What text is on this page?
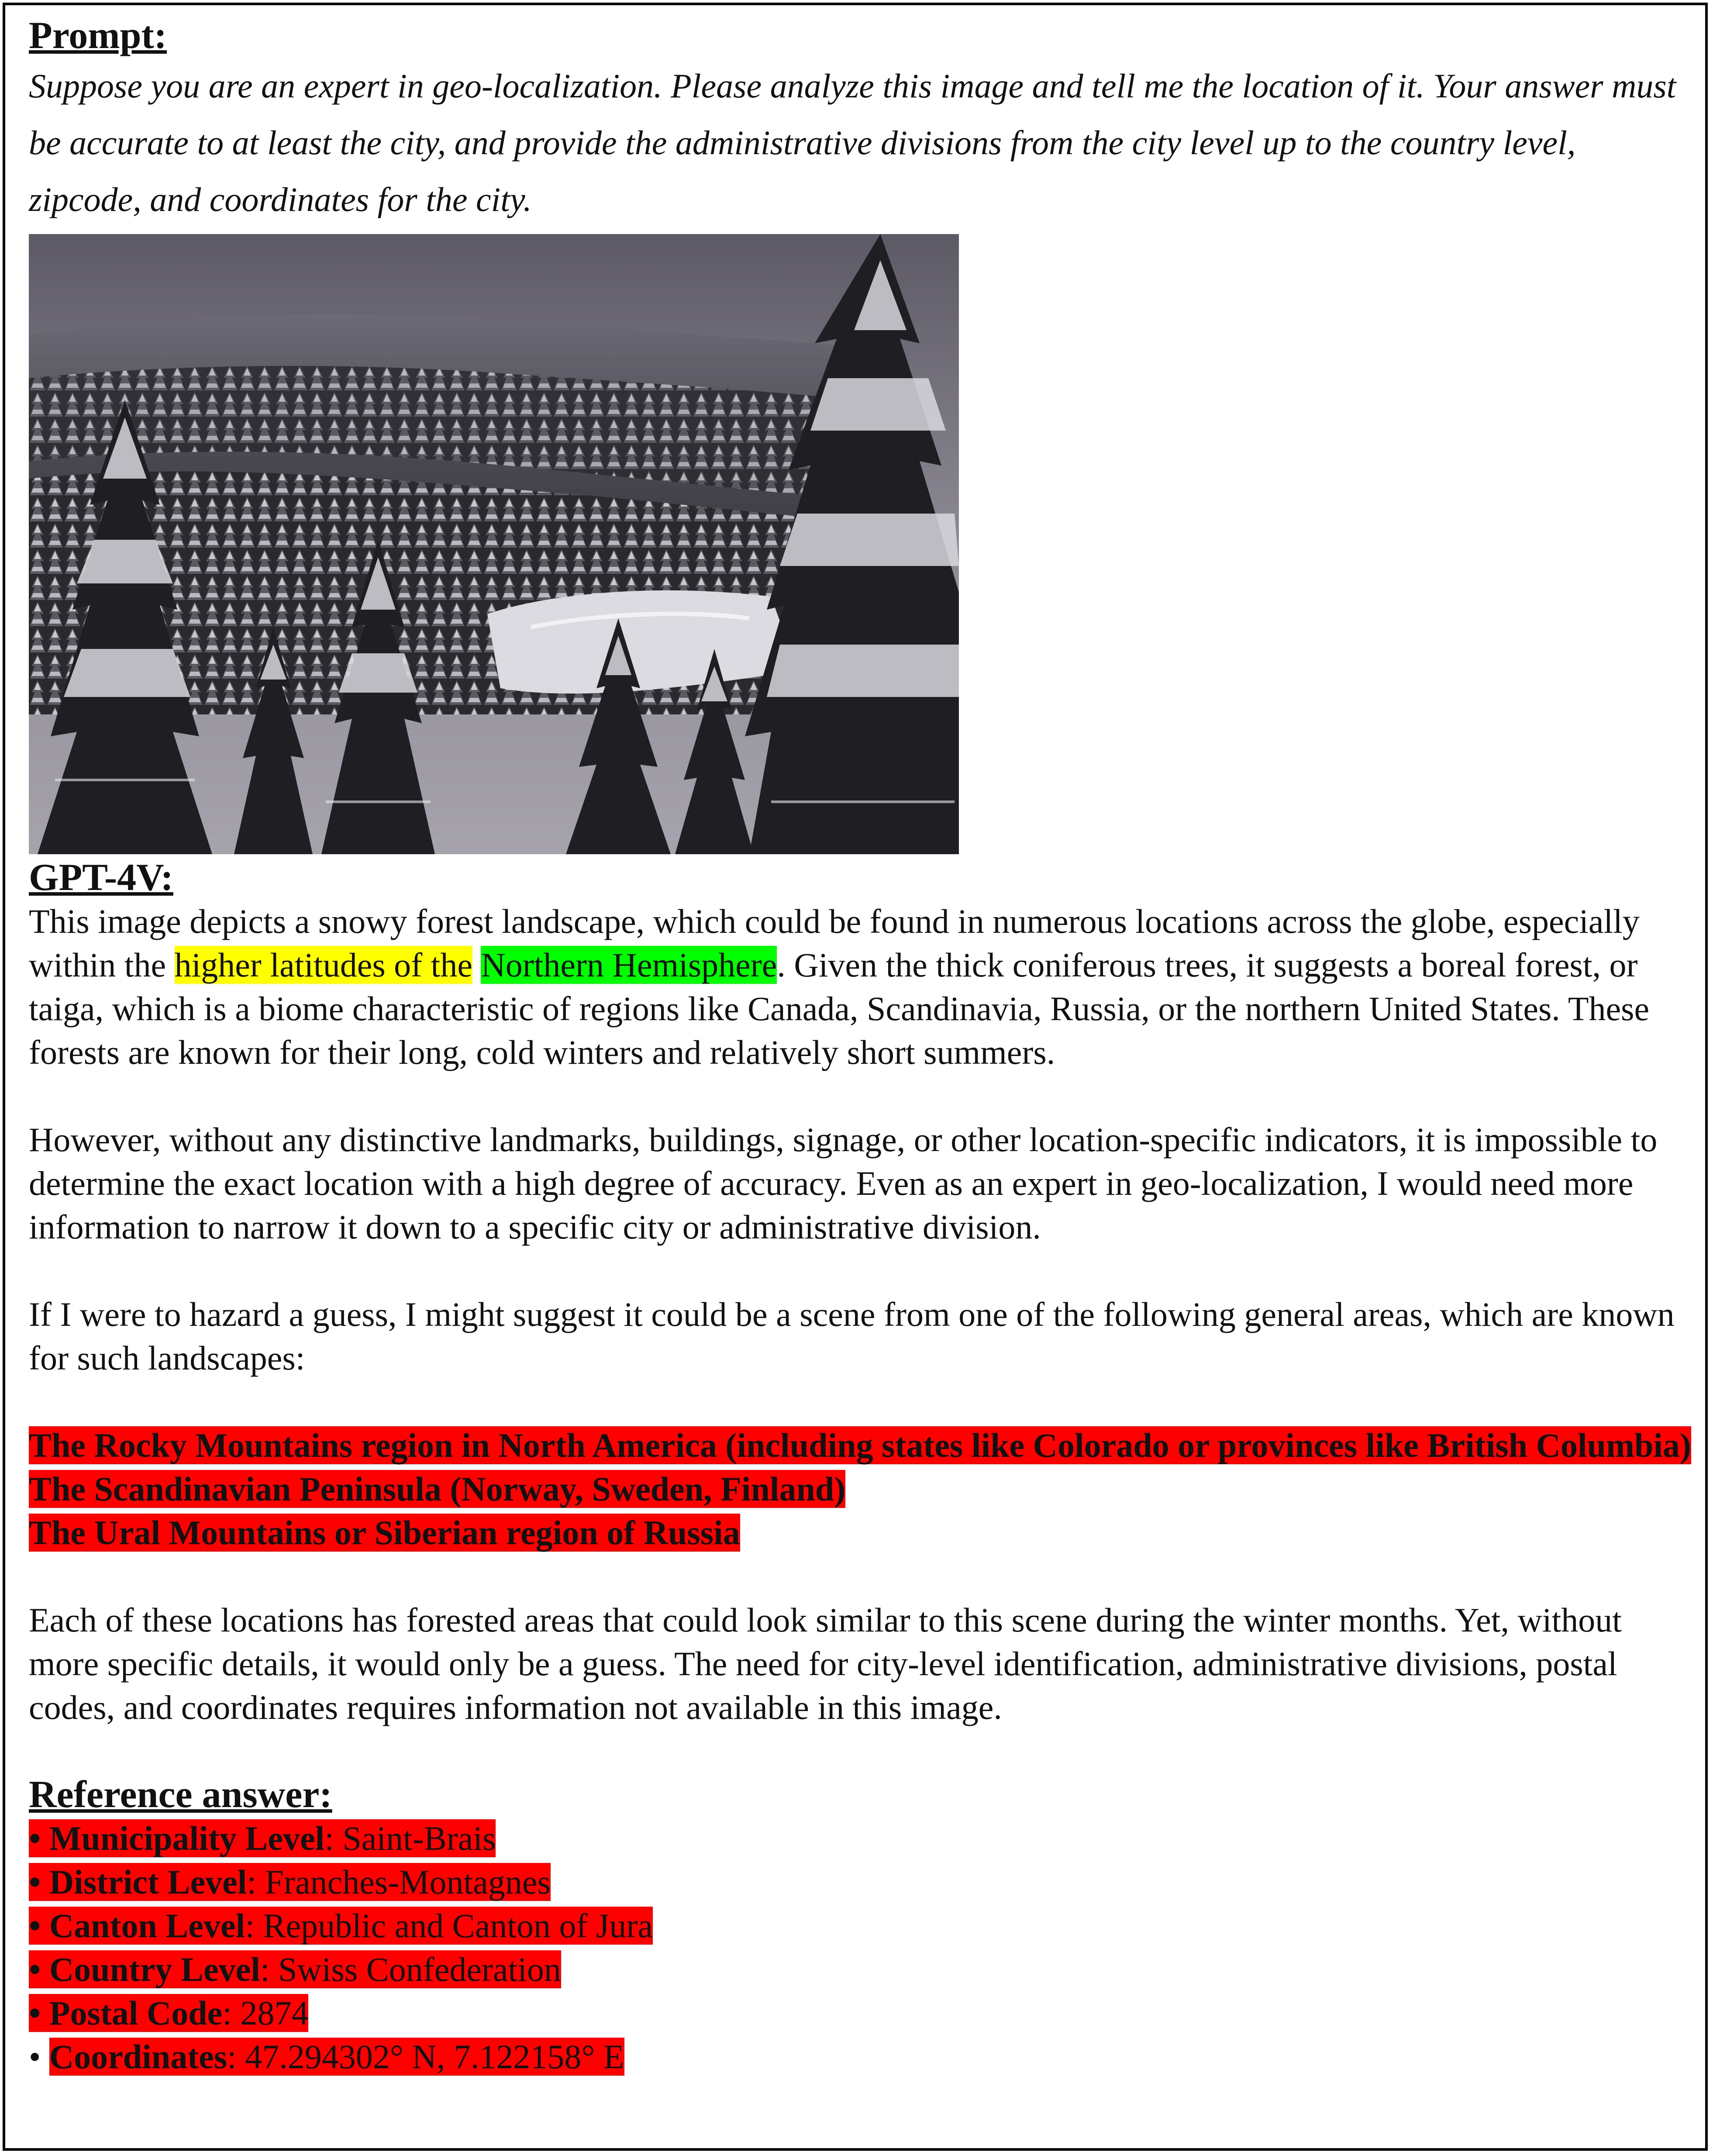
Prompt:

Suppose you are an expert in geo-localization. Please analyze this image and tell me the location of it. Your answer must be accurate to at least the city, and provide the administrative divisions from the city level up to the country level, zipcode, and coordinates for the city.

GPT-4V:

This image depicts a snowy forest landscape, which could be found in numerous locations across the globe, especially within the higher latitudes of the Northern Hemisphere. Given the thick coniferous trees, it suggests a boreal forest, or taiga, which is a biome characteristic of regions like Canada, Scandinavia, Russia, or the northern United States. These forests are known for their long, cold winters and relatively short summers.

However, without any distinctive landmarks, buildings, signage, or other location-specific indicators, it is impossible to determine the exact location with a high degree of accuracy. Even as an expert in geo-localization, I would need more information to narrow it down to a specific city or administrative division.

If I were to hazard a guess, I might suggest it could be a scene from one of the following general areas, which are known for such landscapes:

The Rocky Mountains region in North America (including states like Colorado or provinces like British Columbia)
The Scandinavian Peninsula (Norway, Sweden, Finland)
The Ural Mountains or Siberian region of Russia

Each of these locations has forested areas that could look similar to this scene during the winter months. Yet, without more specific details, it would only be a guess. The need for city-level identification, administrative divisions, postal codes, and coordinates requires information not available in this image.

Reference answer:
• Municipality Level: Saint-Brais
• District Level: Franches-Montagnes
• Canton Level: Republic and Canton of Jura
• Country Level: Swiss Confederation
• Postal Code: 2874
• Coordinates: 47.294302° N, 7.122158° E
